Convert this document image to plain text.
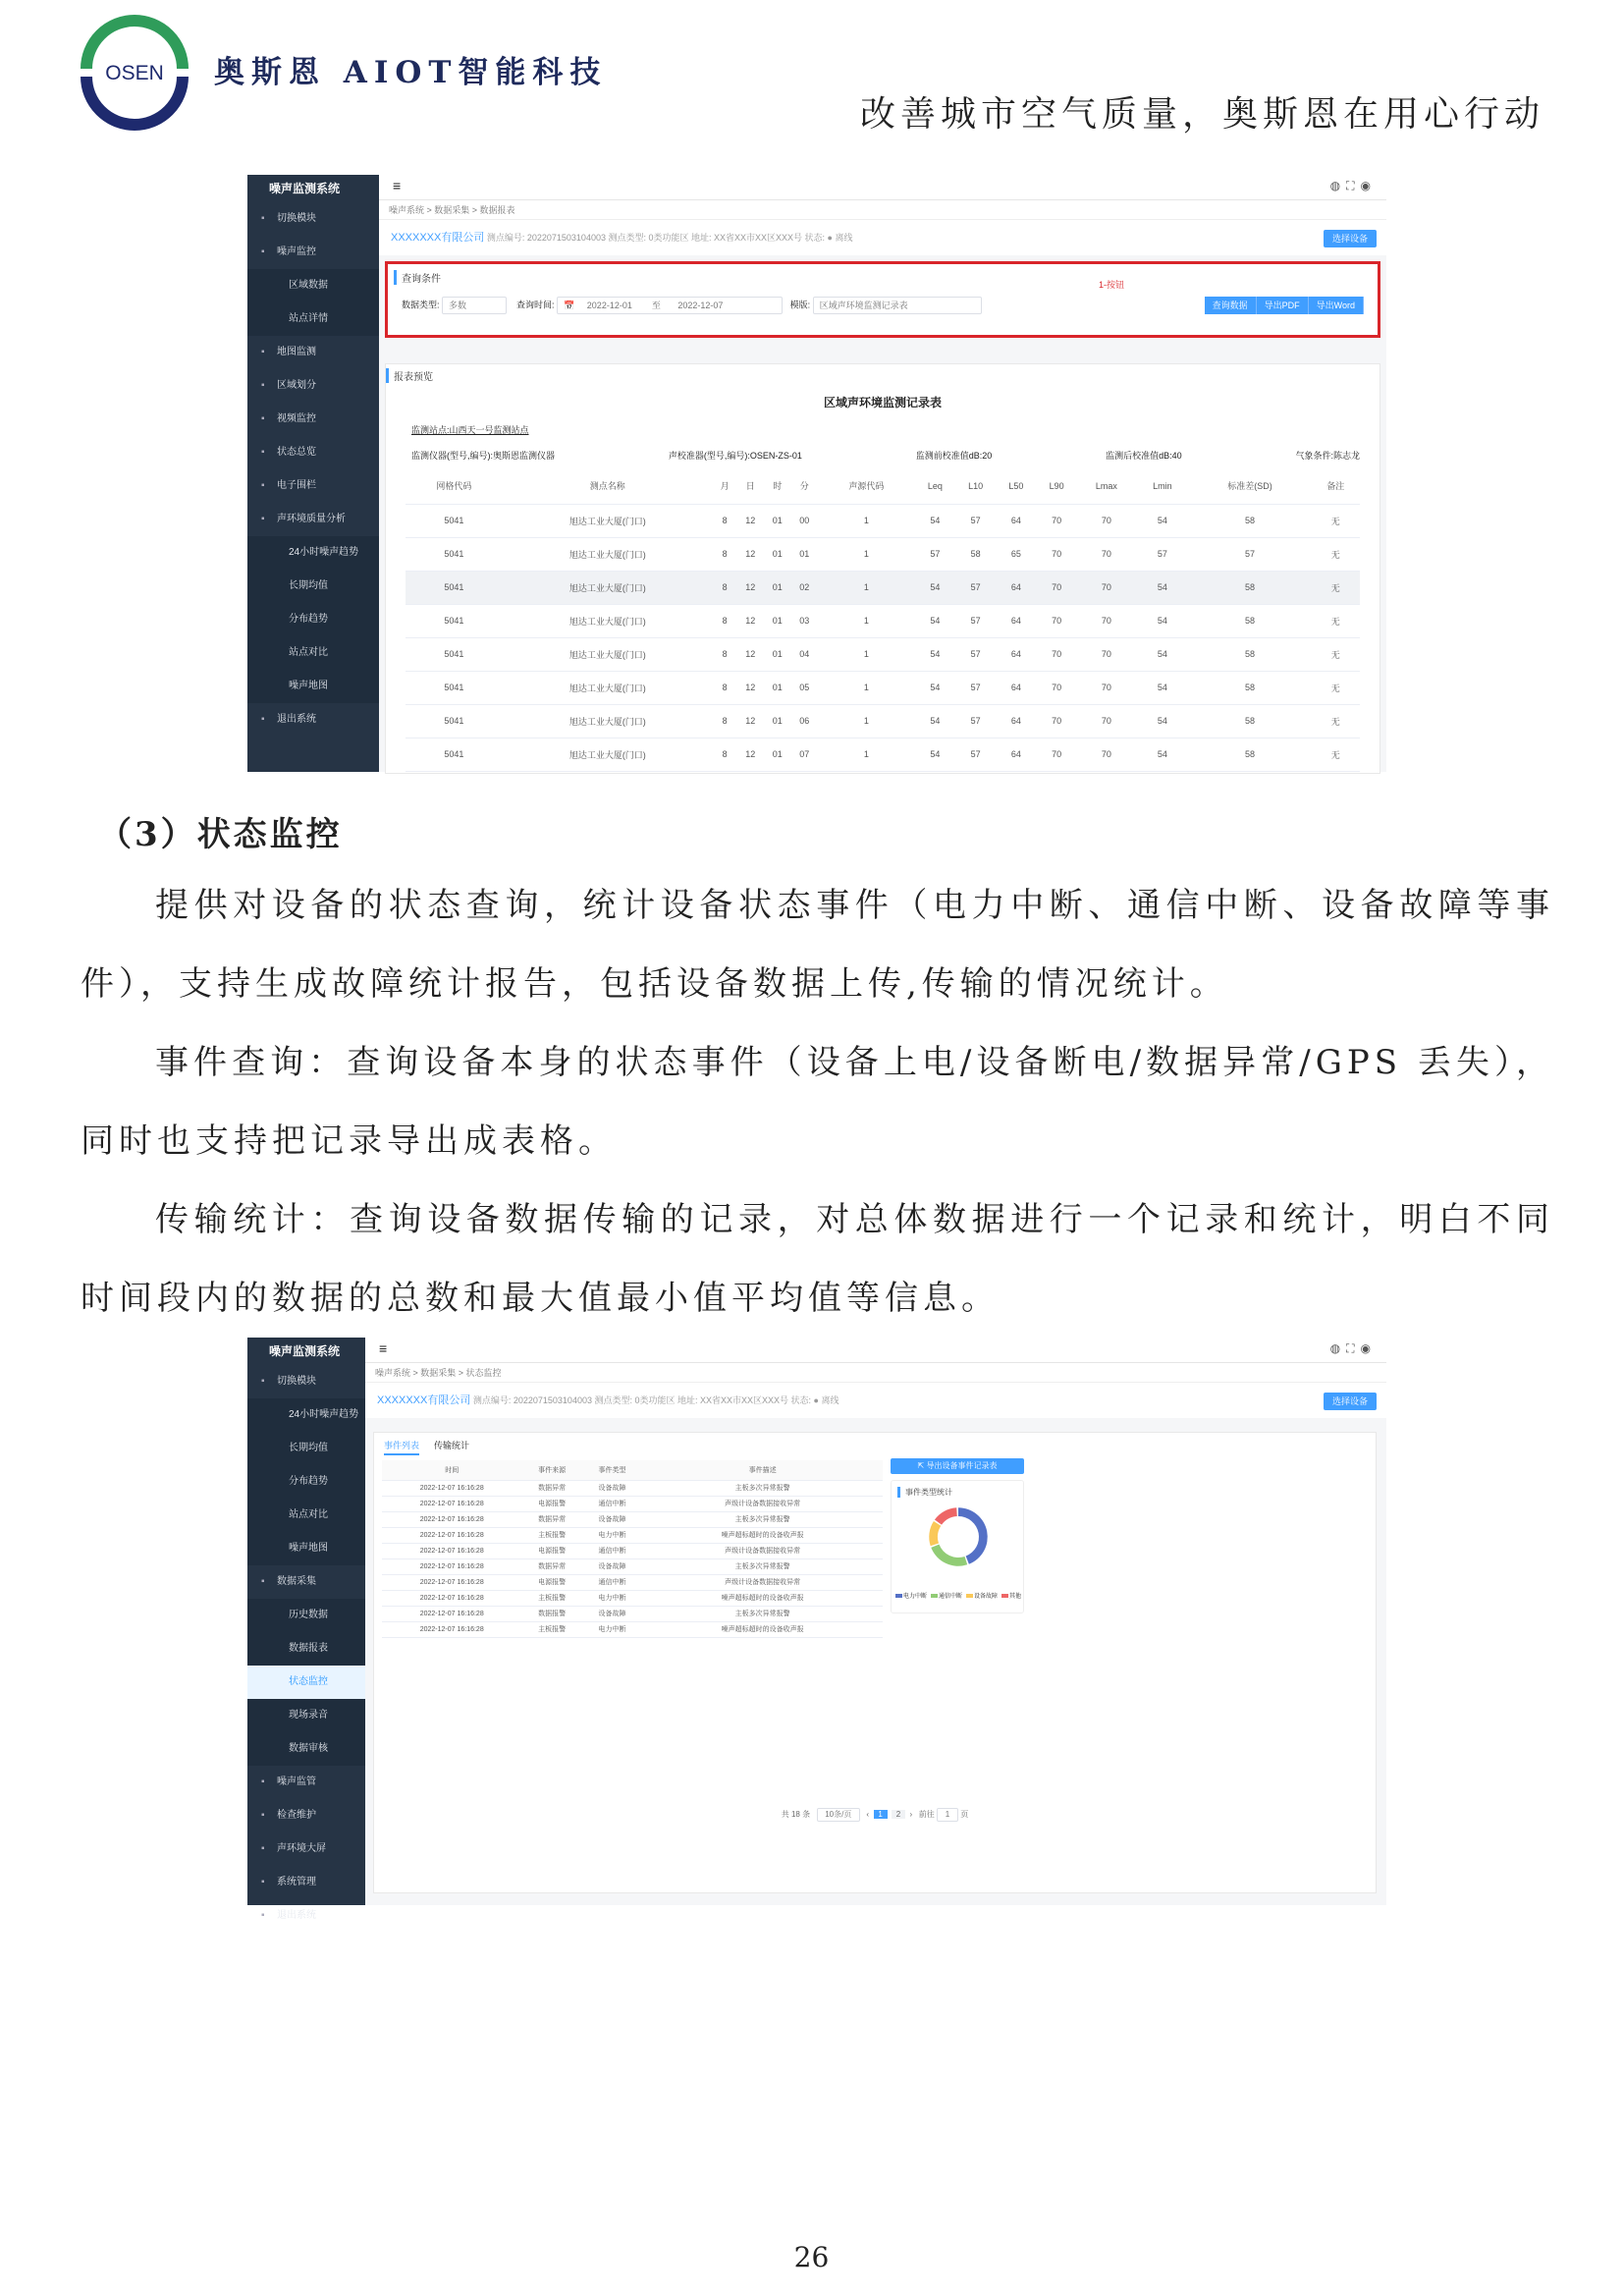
OSEN 奥斯恩 AIOT智能科技
改善城市空气质量，奥斯恩在用心行动
噪声监测系统
▪ 切换模块
▪ 噪声监控
区域数据
站点详情
▪ 地图监测
▪ 区域划分
▪ 视频监控
▪ 状态总览
▪ 电子围栏
▪ 声环境质量分析
24小时噪声趋势
长期均值
分布趋势
站点对比
噪声地图
▪ 退出系统
≡	◍⛶◉
噪声系统 > 数据采集 > 数据报表
XXXXXXX有限公司 测点编号: 20220715031040​03 测点类型: 0类功能区 地址: XX省XX市XX区XXX号 状态: ● 离线	选择设备
查询条件	1-按钮
数据类型: 多数	查询时间: 📅     2022-12-01 至 2022-12-07	模版: 区域声环境监测记录表	查询数据 导出PDF 导出Word
报表预览
区域声环境监测记录表
监测站点:山西天一号监测站点
监测仪器(型号,编号):奥斯恩监测仪器	声校准器(型号,编号):OSEN-ZS-01	监测前校准值dB:20	监测后校准值dB:40	气象条件:陈志龙
网格代码	测点名称	月	日	时	分	声源代码	Leq	L10	L50	L90	Lmax	Lmin	标准差(SD)	备注
5041	旭达工业大厦(门口)	8	12	01	00	1	54	57	64	70	70	54	58	无
5041	旭达工业大厦(门口)	8	12	01	01	1	57	58	65	70	70	57	57	无
5041	旭达工业大厦(门口)	8	12	01	02	1	54	57	64	70	70	54	58	无
5041	旭达工业大厦(门口)	8	12	01	03	1	54	57	64	70	70	54	58	无
5041	旭达工业大厦(门口)	8	12	01	04	1	54	57	64	70	70	54	58	无
5041	旭达工业大厦(门口)	8	12	01	05	1	54	57	64	70	70	54	58	无
5041	旭达工业大厦(门口)	8	12	01	06	1	54	57	64	70	70	54	58	无
5041	旭达工业大厦(门口)	8	12	01	07	1	54	57	64	70	70	54	58	无
（3）状态监控
提供对设备的状态查询，统计设备状态事件（电力中断、通信中断、设备故障等事件），支持生成故障统计报告，包括设备数据上传,传输的情况统计。
事件查询：查询设备本身的状态事件（设备上电/设备断电/数据异常/GPS 丢失），同时也支持把记录导出成表格。
传输统计：查询设备数据传输的记录，对总体数据进行一个记录和统计，明白不同时间段内的数据的总数和最大值最小值平均值等信息。
噪声监测系统
▪ 切换模块
24小时噪声趋势
长期均值
分布趋势
站点对比
噪声地图
▪ 数据采集
历史数据
数据报表
状态监控
现场录音
数据审核
▪ 噪声监管
▪ 检查维护
▪ 声环境大屏
▪ 系统管理
▪ 退出系统
≡	◍⛶◉
噪声系统 > 数据采集 > 状态监控
XXXXXXX有限公司 测点编号: 20220715031040​03 测点类型: 0类功能区 地址: XX省XX市XX区XXX号 状态: ● 离线	选择设备
事件列表 传输统计
时间	事件来源	事件类型	事件描述
2022-12-07 16:16:28	数据异常	设备故障	主板多次异常报警
2022-12-07 16:16:28	电源报警	通信中断	声级计设备数据接收异常
2022-12-07 16:16:28	数据异常	设备故障	主板多次异常报警
2022-12-07 16:16:28	主板报警	电力中断	噪声超标超时的设备收声报
2022-12-07 16:16:28	电源报警	通信中断	声级计设备数据接收异常
2022-12-07 16:16:28	数据异常	设备故障	主板多次异常报警
2022-12-07 16:16:28	电源报警	通信中断	声级计设备数据接收异常
2022-12-07 16:16:28	主板报警	电力中断	噪声超标超时的设备收声报
2022-12-07 16:16:28	数据报警	设备故障	主板多次异常报警
2022-12-07 16:16:28	主板报警	电力中断	噪声超标超时的设备收声报
⇱ 导出设备事件记录表
事件类型统计
电力中断	通信中断	设备故障	其他
共 18 条 10条/页 ‹ 1 2 › 前往 1 页
26
